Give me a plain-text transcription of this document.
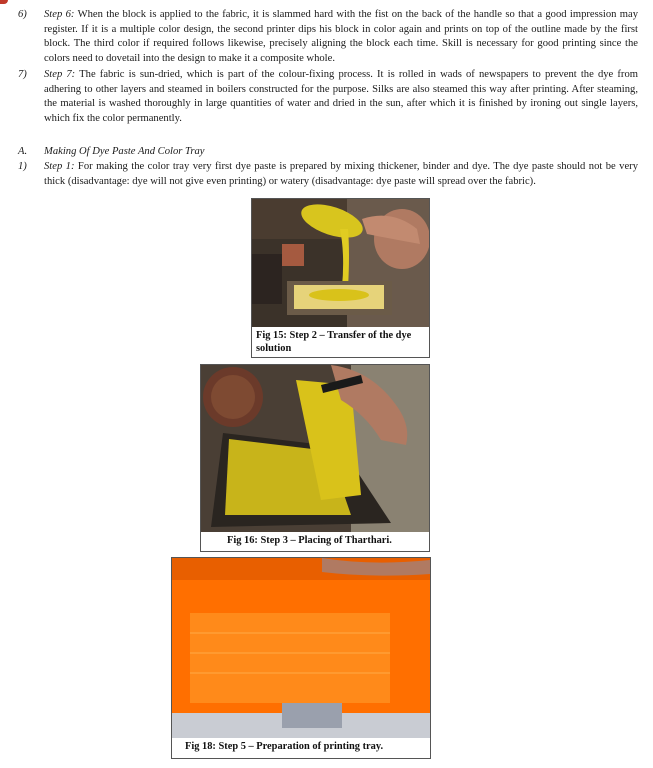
6)	Step 6: When the block is applied to the fabric, it is slammed hard with the fist on the back of the handle so that a good impression may register. If it is a multiple color design, the second printer dips his block in color again and prints on top of the outline made by the first block. The third color if required follows likewise, precisely aligning the block each time. Skill is necessary for good printing since the colors need to dovetail into the design to make it a composite whole.
7)	Step 7: The fabric is sun-dried, which is part of the colour-fixing process. It is rolled in wads of newspapers to prevent the dye from adhering to other layers and steamed in boilers constructed for the purpose. Silks are also steamed this way after printing. After steaming, the material is washed thoroughly in large quantities of water and dried in the sun, after which it is finished by ironing out single layers, which fix the color permanently.
A. Making Of Dye Paste And Color Tray
1)	Step 1: For making the color tray very first dye paste is prepared by mixing thickener, binder and dye. The dye paste should not be very thick (disadvantage: dye will not give even printing) or watery (disadvantage: dye paste will spread over the fabric).
Fig 15: Step 2 – Transfer of the dye solution
Fig 16: Step 3 – Placing of Tharthari.
Fig 18: Step 5 – Preparation of printing tray.
